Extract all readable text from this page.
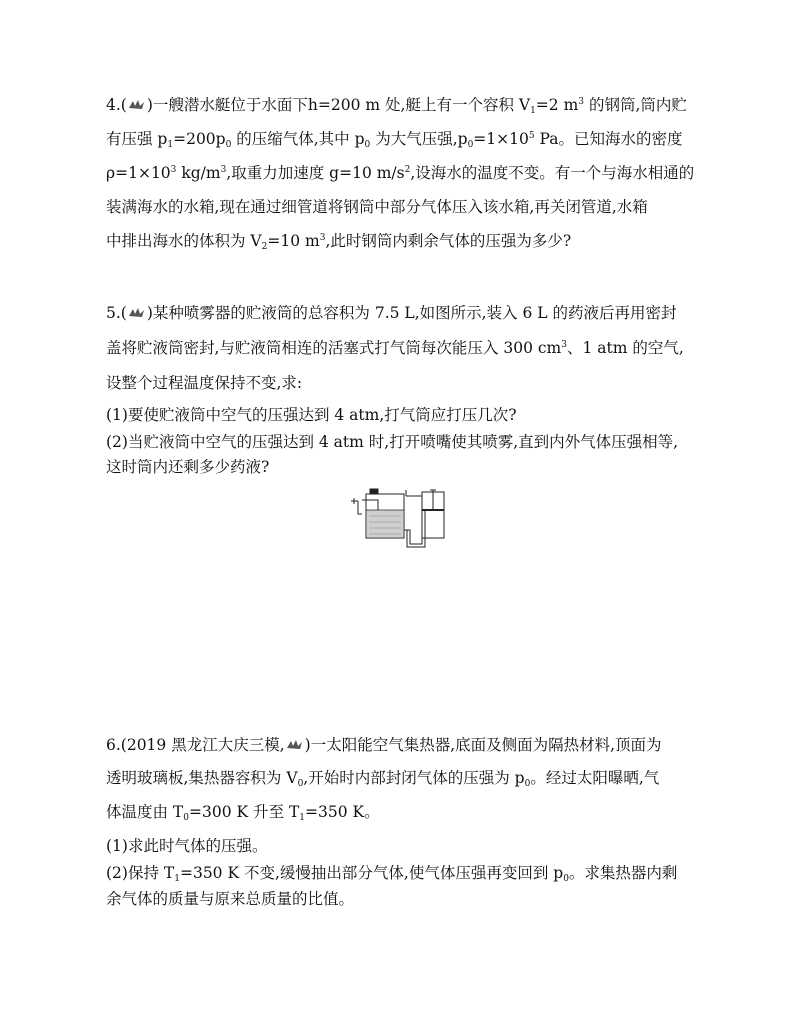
4.( )一艘潜水艇位于水面下h=200 m 处,艇上有一个容积 $V_1=2$ $m^3$ 的钢筒,筒内贮
有压强 $p_1=200p_0$ 的压缩气体,其中 $p_0$ 为大气压强$,p_0=1\times 10^5$ Pa。已知海水的密度
$\rho=1\times 10^3$ $kg/m^3$,取重力加速度 g=10 $m/s^2$,设海水的温度不变。有一个与海水相通的
装满海水的水箱,现在通过细管道将钢筒中部分气体压入该水箱,再关闭管道,水箱
中排出海水的体积为 $V_2=10$ $m^3$,此时钢筒内剩余气体的压强为多少?
5.( )某种喷雾器的贮液筒的总容积为 7.5 L,如图所示,装入 6 L 的药液后再用密封
盖将贮液筒密封,与贮液筒相连的活塞式打气筒每次能压入 300 $cm^3$、1 atm 的空气,
设整个过程温度保持不变,求:
(1)要使贮液筒中空气的压强达到 4 atm,打气筒应打压几次?
(2)当贮液筒中空气的压强达到 4 atm 时,打开喷嘴使其喷雾,直到内外气体压强相等,
这时筒内还剩多少药液?
6.(2019 黑龙江大庆三模, )一太阳能空气集热器,底面及侧面为隔热材料,顶面为
透明玻璃板,集热器容积为 $V_0$,开始时内部封闭气体的压强为 $p_0$。经过太阳曝晒,气
体温度由 $T_0=300$ K 升至 $T_1=350$ K。
(1)求此时气体的压强。
(2)保持 $T_1=350$ K 不变,缓慢抽出部分气体,使气体压强再变回到 $p_0$。求集热器内剩
余气体的质量与原来总质量的比值。
